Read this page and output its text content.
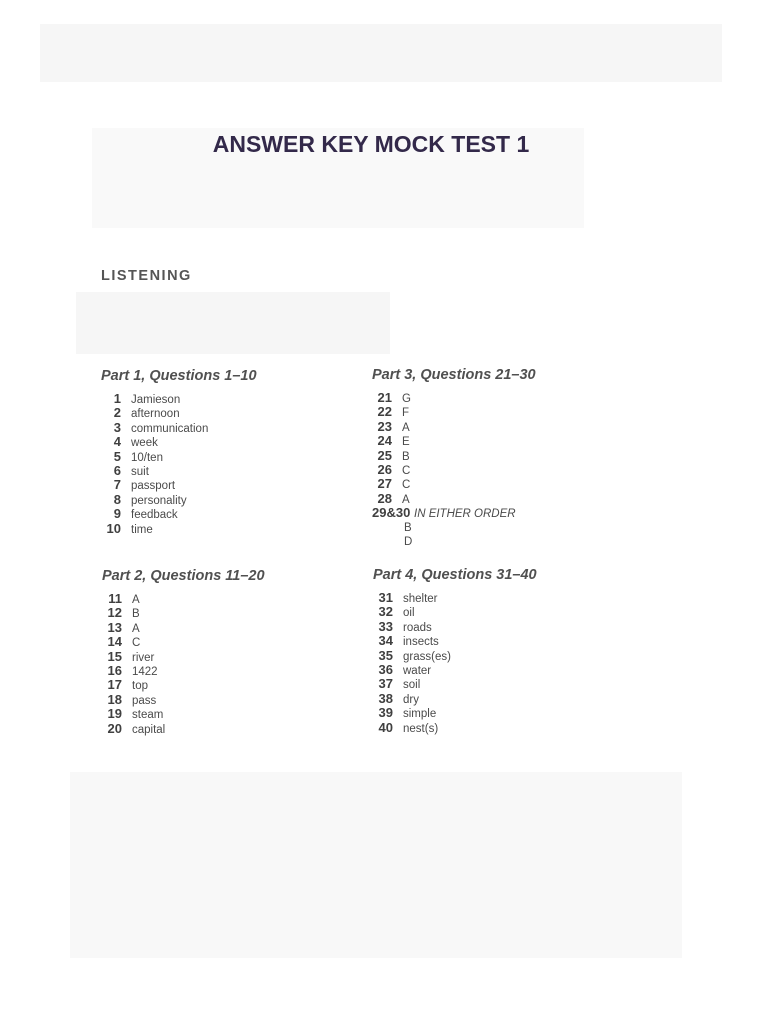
ANSWER KEY MOCK TEST 1
LISTENING
Part 1, Questions 1–10
1 Jamieson
2 afternoon
3 communication
4 week
5 10/ten
6 suit
7 passport
8 personality
9 feedback
10 time
Part 2, Questions 11–20
11 A
12 B
13 A
14 C
15 river
16 1422
17 top
18 pass
19 steam
20 capital
Part 3, Questions 21–30
21 G
22 F
23 A
24 E
25 B
26 C
27 C
28 A
29&30 IN EITHER ORDER
B
D
Part 4, Questions 31–40
31 shelter
32 oil
33 roads
34 insects
35 grass(es)
36 water
37 soil
38 dry
39 simple
40 nest(s)
